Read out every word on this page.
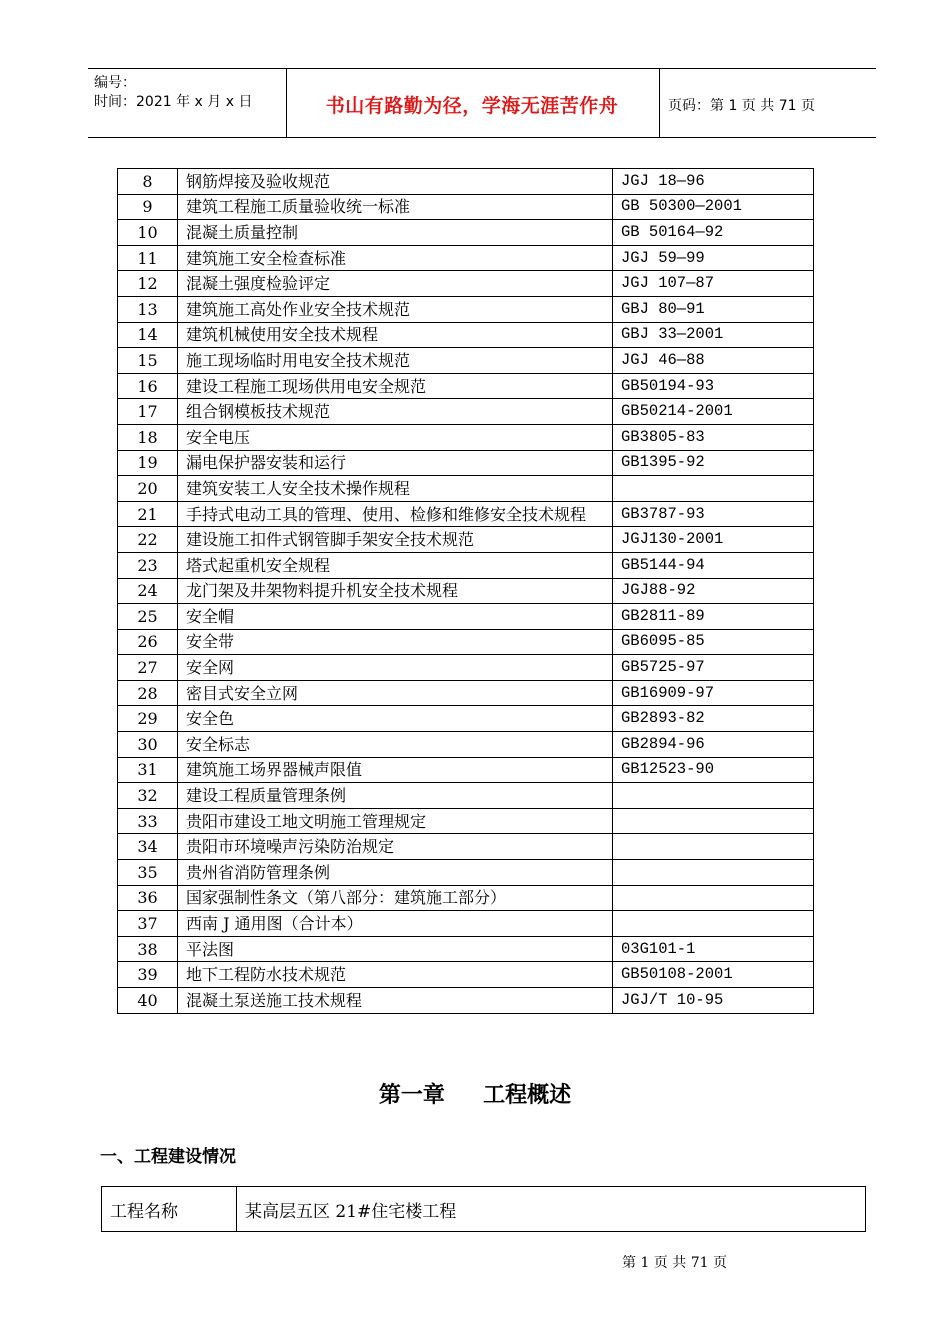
编号：
时间：2021 年 x 月 x 日	书山有路勤为径，学海无涯苦作舟	页码：第 1 页 共 71 页
8	钢筋焊接及验收规范	JGJ 18—96
9	建筑工程施工质量验收统一标准	GB 50300—2001
10	混凝土质量控制	GB 50164—92
11	建筑施工安全检查标准	JGJ 59—99
12	混凝土强度检验评定	JGJ 107—87
13	建筑施工高处作业安全技术规范	GBJ 80—91
14	建筑机械使用安全技术规程	GBJ 33—2001
15	施工现场临时用电安全技术规范	JGJ 46—88
16	建设工程施工现场供用电安全规范	GB50194-93
17	组合钢模板技术规范	GB50214-2001
18	安全电压	GB3805-83
19	漏电保护器安装和运行	GB1395-92
20	建筑安装工人安全技术操作规程	
21	手持式电动工具的管理、使用、检修和维修安全技术规程	GB3787-93
22	建设施工扣件式钢管脚手架安全技术规范	JGJ130-2001
23	塔式起重机安全规程	GB5144-94
24	龙门架及井架物料提升机安全技术规程	JGJ88-92
25	安全帽	GB2811-89
26	安全带	GB6095-85
27	安全网	GB5725-97
28	密目式安全立网	GB16909-97
29	安全色	GB2893-82
30	安全标志	GB2894-96
31	建筑施工场界器械声限值	GB12523-90
32	建设工程质量管理条例	
33	贵阳市建设工地文明施工管理规定	
34	贵阳市环境噪声污染防治规定	
35	贵州省消防管理条例	
36	国家强制性条文（第八部分：建筑施工部分）	
37	西南 J 通用图（合计本）	
38	平法图	03G101-1
39	地下工程防水技术规范	GB50108-2001
40	混凝土泵送施工技术规程	JGJ/T 10-95
第一章     工程概述
一、工程建设情况
工程名称	某高层五区 21#住宅楼工程
第 1 页 共 71 页
